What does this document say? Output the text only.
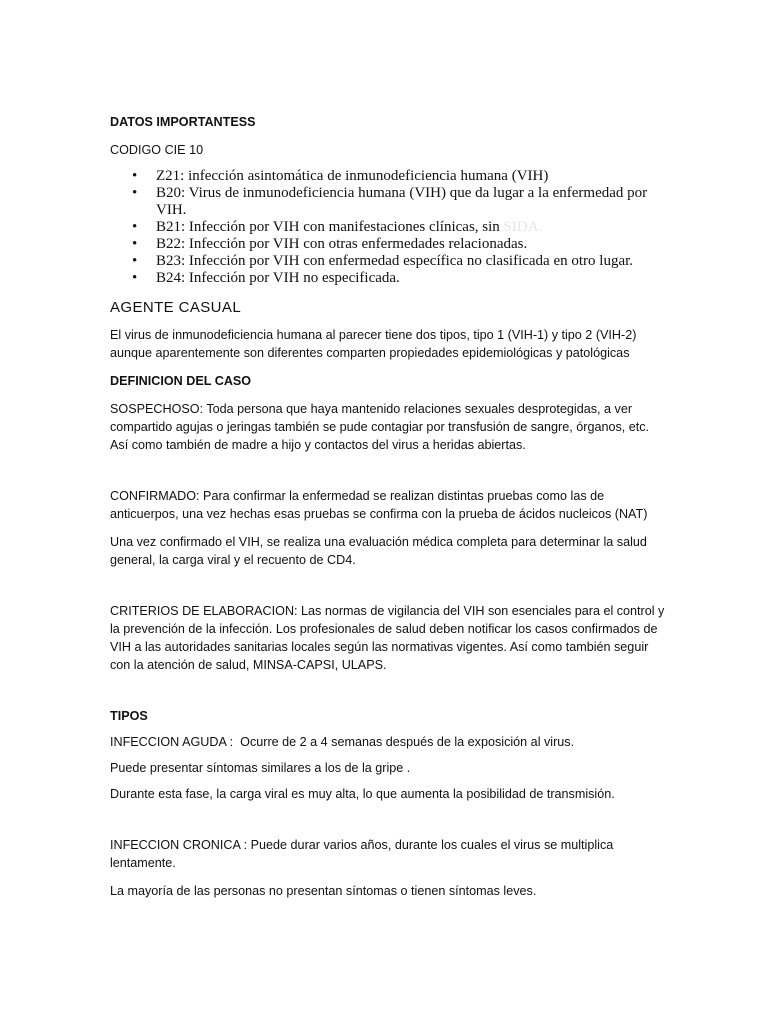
DATOS IMPORTANTESS

CODIGO CIE 10

• Z21: infección asintomática de inmunodeficiencia humana (VIH)
• B20: Virus de inmunodeficiencia humana (VIH) que da lugar a la enfermedad por VIH.
• B21: Infección por VIH con manifestaciones clínicas, sin SIDA.
• B22: Infección por VIH con otras enfermedades relacionadas.
• B23: Infección por VIH con enfermedad específica no clasificada en otro lugar.
• B24: Infección por VIH no especificada.

AGENTE CASUAL

El virus de inmunodeficiencia humana al parecer tiene dos tipos, tipo 1 (VIH-1) y tipo 2 (VIH-2) aunque aparentemente son diferentes comparten propiedades epidemiológicas y patológicas

DEFINICION DEL CASO

SOSPECHOSO: Toda persona que haya mantenido relaciones sexuales desprotegidas, a ver compartido agujas o jeringas también se pude contagiar por transfusión de sangre, órganos, etc. Así como también de madre a hijo y contactos del virus a heridas abiertas.

CONFIRMADO: Para confirmar la enfermedad se realizan distintas pruebas como las de anticuerpos, una vez hechas esas pruebas se confirma con la prueba de ácidos nucleicos (NAT)

Una vez confirmado el VIH, se realiza una evaluación médica completa para determinar la salud general, la carga viral y el recuento de CD4.

CRITERIOS DE ELABORACION: Las normas de vigilancia del VIH son esenciales para el control y la prevención de la infección. Los profesionales de salud deben notificar los casos confirmados de VIH a las autoridades sanitarias locales según las normativas vigentes. Así como también seguir con la atención de salud, MINSA-CAPSI, ULAPS.

TIPOS

INFECCION AGUDA :  Ocurre de 2 a 4 semanas después de la exposición al virus.

Puede presentar síntomas similares a los de la gripe .

Durante esta fase, la carga viral es muy alta, lo que aumenta la posibilidad de transmisión.

INFECCION CRONICA : Puede durar varios años, durante los cuales el virus se multiplica lentamente.

La mayoría de las personas no presentan síntomas o tienen síntomas leves.
